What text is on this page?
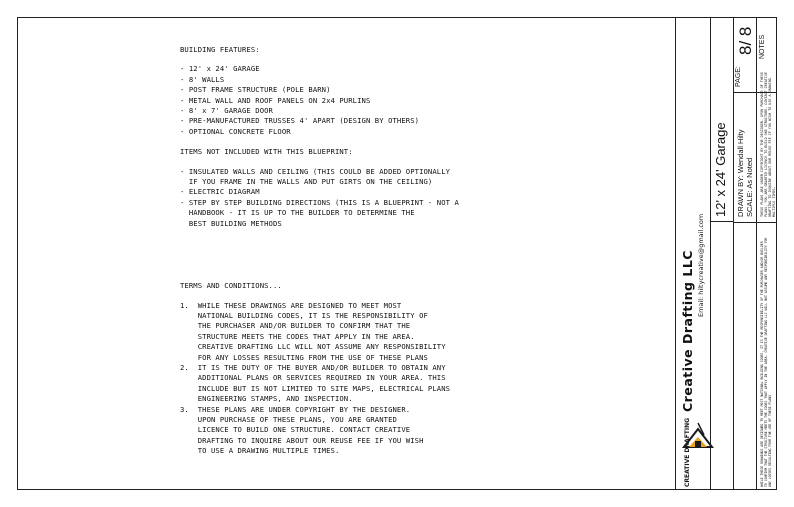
BUILDING FEATURES:

- 12' x 24' GARAGE
- 8' WALLS
- POST FRAME STRUCTURE (POLE BARN)
- METAL WALL AND ROOF PANELS ON 2x4 PURLINS
- 8' x 7' GARAGE DOOR
- PRE-MANUFACTURED TRUSSES 4' APART (DESIGN BY OTHERS)
- OPTIONAL CONCRETE FLOOR

ITEMS NOT INCLUDED WITH THIS BLUEPRINT:

- INSULATED WALLS AND CEILING (THIS COULD BE ADDED OPTIONALLY
IF YOU FRAME IN THE WALLS AND PUT GIRTS ON THE CEILING)
- ELECTRIC DIAGRAM
- STEP BY STEP BUILDING DIRECTIONS (THIS IS A BLUEPRINT - NOT A
HANDBOOK - IT IS UP TO THE BUILDER TO DETERMINE THE
BEST BUILDING METHODS

TERMS AND CONDITIONS...

1.  WHILE THESE DRAWINGS ARE DESIGNED TO MEET MOST
NATIONAL BUILDING CODES, IT IS THE RESPONSIBILITY OF
THE PURCHASER AND/OR BUILDER TO CONFIRM THAT THE
STRUCTURE MEETS THE CODES THAT APPLY IN THE AREA.
CREATIVE DRAFTING LLC WILL NOT ASSUME ANY RESPONSIBILITY
FOR ANY LOSSES RESULTING FROM THE USE OF THESE PLANS
2.  IT IS THE DUTY OF THE BUYER AND/OR BUILDER TO OBTAIN ANY
ADDITIONAL PLANS OR SERVICES REQUIRED IN YOUR AREA. THIS
INCLUDE BUT IS NOT LIMITED TO SITE MAPS, ELECTRICAL PLANS
ENGINEERING STAMPS, AND INSPECTION.
3.  THESE PLANS ARE UNDER COPYRIGHT BY THE DESIGNER.
UPON PURCHASE OF THESE PLANS, YOU ARE GRANTED
LICENCE TO BUILD ONE STRUCTURE. CONTACT CREATIVE
DRAFTING TO INQUIRE ABOUT OUR REUSE FEE IF YOU WISH
TO USE A DRAWING MULTIPLE TIMES.	CREATIVE DRAFTING
Creative Drafting LLC Email: hiltycreative@gmail.com
12' x 24' Garage DRAWN BY: Wendall Hilty SCALE: As Noted
PAGE:
8/ 8 NOTES
THESE PLANS ARE UNDER COPYRIGHT BY THE DESIGNER. UPON PURCHASE OF THESE PLANS, YOU ARE GRANTED LICENCE TO BUILD ONE STRUCTURE. CONTACT CREATIVE DRAFTING TO INQUIRE ABOUT OUR REUSE FEE IF YOU WISH TO USE A DRAWING MULTIPLE TIMES.
WHILE THESE DRAWINGS ARE DESIGNED TO MEET MOST NATIONAL BUILDING CODES, IT IS THE RESPONSIBILITY OF THE PURCHASER AND/OR BUILDER TO CONFIRM THAT THE STRUCTURE MEETS THE CODES THAT APPLY IN THE AREA. CREATIVE DRAFTING LLC WILL NOT ASSUME ANY RESPONSIBILITY FOR ANY LOSSES RESULTING FROM THE USE OF THESE PLANS
